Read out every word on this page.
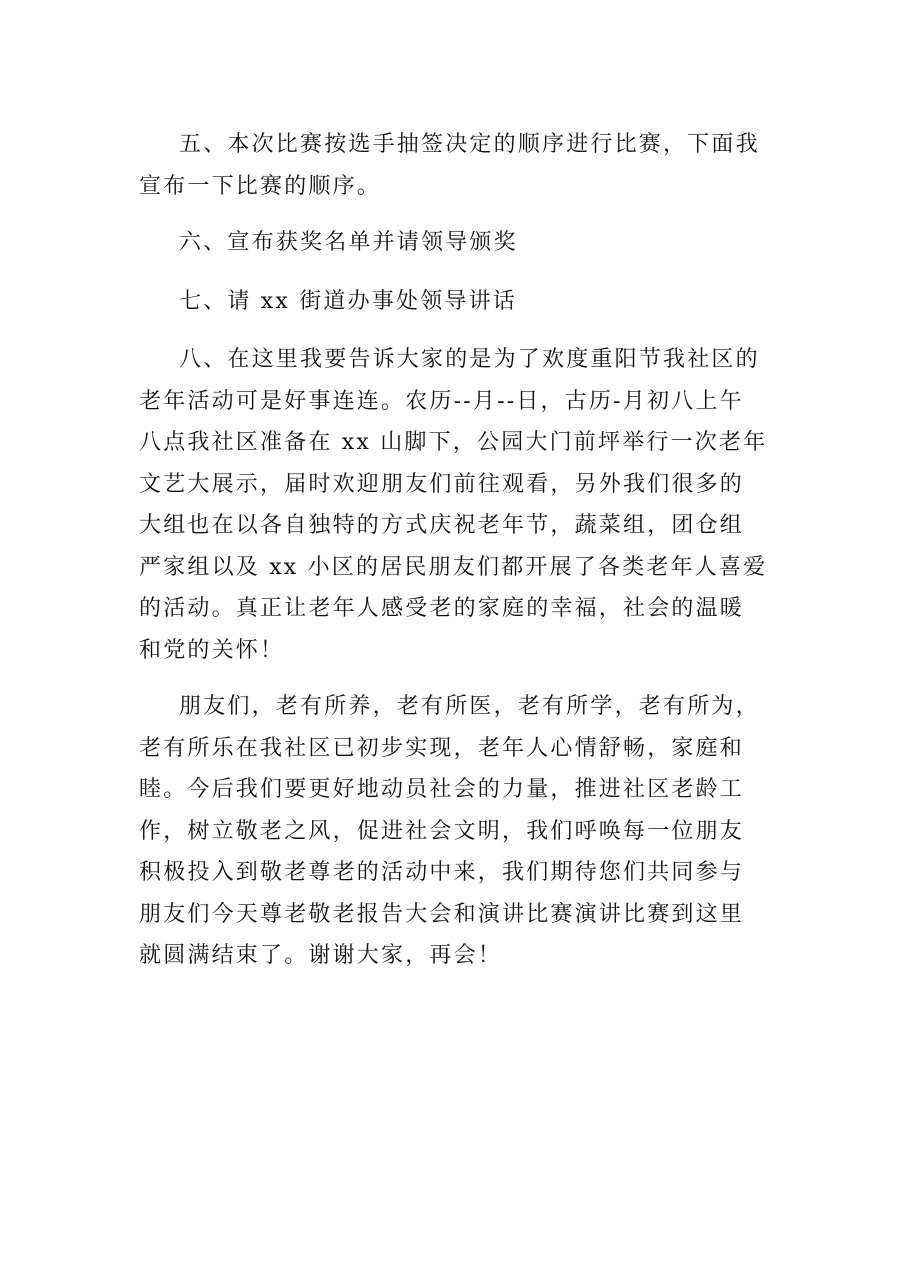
五、本次比赛按选手抽签决定的顺序进行比赛，下面我
宣布一下比赛的顺序。

六、宣布获奖名单并请领导颁奖

七、请 xx 街道办事处领导讲话

八、在这里我要告诉大家的是为了欢度重阳节我社区的
老年活动可是好事连连。农历--月--日，古历-月初八上午
八点我社区准备在 xx 山脚下，公园大门前坪举行一次老年
文艺大展示，届时欢迎朋友们前往观看，另外我们很多的
大组也在以各自独特的方式庆祝老年节，蔬菜组，团仓组
严家组以及 xx 小区的居民朋友们都开展了各类老年人喜爱
的活动。真正让老年人感受老的家庭的幸福，社会的温暖
和党的关怀！

朋友们，老有所养，老有所医，老有所学，老有所为，
老有所乐在我社区已初步实现，老年人心情舒畅，家庭和
睦。今后我们要更好地动员社会的力量，推进社区老龄工
作，树立敬老之风，促进社会文明，我们呼唤每一位朋友
积极投入到敬老尊老的活动中来，我们期待您们共同参与
朋友们今天尊老敬老报告大会和演讲比赛演讲比赛到这里
就圆满结束了。谢谢大家，再会！
